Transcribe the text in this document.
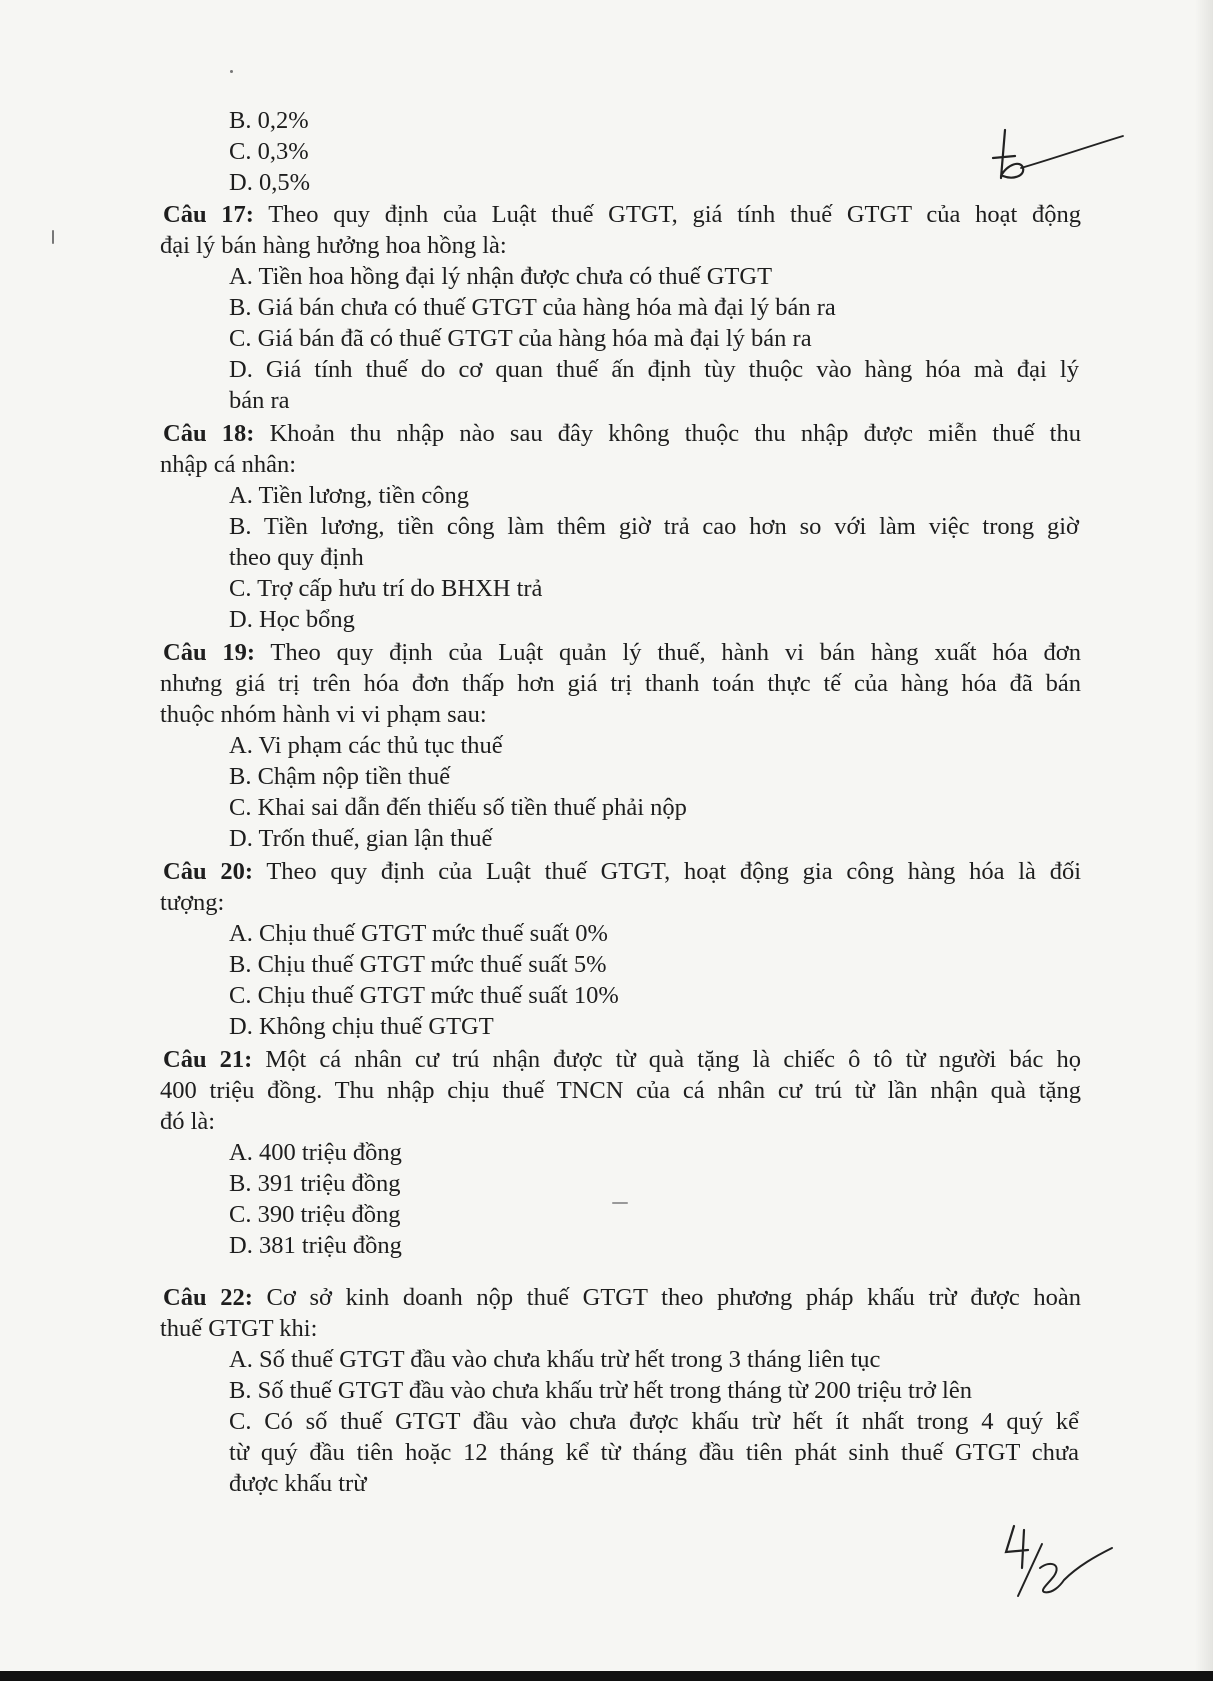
B. 0,2%
C. 0,3%
D. 0,5%
Câu 17: Theo quy định của Luật thuế GTGT, giá tính thuế GTGT của hoạt động
đại lý bán hàng hưởng hoa hồng là:
A. Tiền hoa hồng đại lý nhận được chưa có thuế GTGT
B. Giá bán chưa có thuế GTGT của hàng hóa mà đại lý bán ra
C. Giá bán đã có thuế GTGT của hàng hóa mà đại lý bán ra
D. Giá tính thuế do cơ quan thuế ấn định tùy thuộc vào hàng hóa mà đại lý
bán ra
Câu 18: Khoản thu nhập nào sau đây không thuộc thu nhập được miễn thuế thu
nhập cá nhân:
A. Tiền lương, tiền công
B. Tiền lương, tiền công làm thêm giờ trả cao hơn so với làm việc trong giờ
theo quy định
C. Trợ cấp hưu trí do BHXH trả
D. Học bổng
Câu 19: Theo quy định của Luật quản lý thuế, hành vi bán hàng xuất hóa đơn
nhưng giá trị trên hóa đơn thấp hơn giá trị thanh toán thực tế của hàng hóa đã bán
thuộc nhóm hành vi vi phạm sau:
A. Vi phạm các thủ tục thuế
B. Chậm nộp tiền thuế
C. Khai sai dẫn đến thiếu số tiền thuế phải nộp
D. Trốn thuế, gian lận thuế
Câu 20: Theo quy định của Luật thuế GTGT, hoạt động gia công hàng hóa là đối
tượng:
A. Chịu thuế GTGT mức thuế suất 0%
B. Chịu thuế GTGT mức thuế suất 5%
C. Chịu thuế GTGT mức thuế suất 10%
D. Không chịu thuế GTGT
Câu 21: Một cá nhân cư trú nhận được từ quà tặng là chiếc ô tô từ người bác họ
400 triệu đồng. Thu nhập chịu thuế TNCN của cá nhân cư trú từ lần nhận quà tặng
đó là:
A. 400 triệu đồng
B. 391 triệu đồng
C. 390 triệu đồng
D. 381 triệu đồng
Câu 22: Cơ sở kinh doanh nộp thuế GTGT theo phương pháp khấu trừ được hoàn
thuế GTGT khi:
A. Số thuế GTGT đầu vào chưa khấu trừ hết trong 3 tháng liên tục
B. Số thuế GTGT đầu vào chưa khấu trừ hết trong tháng từ 200 triệu trở lên
C. Có số thuế GTGT đầu vào chưa được khấu trừ hết ít nhất trong 4 quý kể
từ quý đầu tiên hoặc 12 tháng kể từ tháng đầu tiên phát sinh thuế GTGT chưa
được khấu trừ
